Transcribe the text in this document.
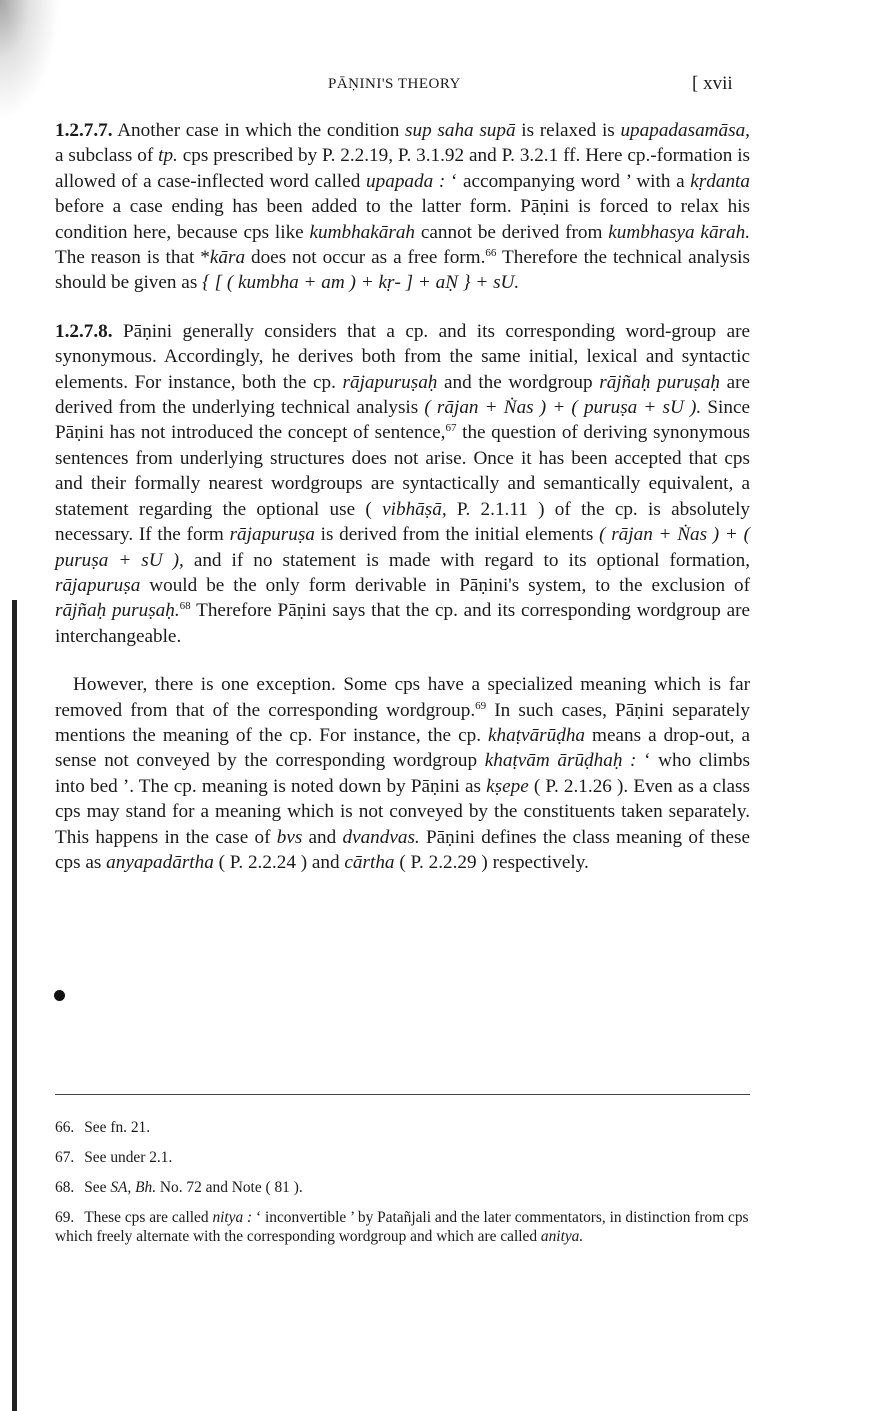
PĀṆINI'S THEORY	[ xvii

1.2.7.7. Another case in which the condition sup saha supā is relaxed is upapadasamāsa, a subclass of tp. cps prescribed by P. 2.2.19, P. 3.1.92 and P. 3.2.1 ff. Here cp.-formation is allowed of a case-inflected word called upapada : ‘ accompanying word ’ with a kṛdanta before a case ending has been added to the latter form. Pāṇini is forced to relax his condition here, because cps like kumbhakārah cannot be derived from kumbhasya kārah. The reason is that *kāra does not occur as a free form.$^{66}$ Therefore the technical analysis should be given as { [ ( kumbha + am ) + kṛ- ] + aṆ } + sU.

1.2.7.8. Pāṇini generally considers that a cp. and its corresponding word-group are synonymous. Accordingly, he derives both from the same initial, lexical and syntactic elements. For instance, both the cp. rājapuruṣaḥ and the wordgroup rājñaḥ puruṣaḥ are derived from the underlying technical analysis ( rājan + Ṅas ) + ( puruṣa + sU ). Since Pāṇini has not introduced the concept of sentence,$^{67}$ the question of deriving synonymous sentences from underlying structures does not arise. Once it has been accepted that cps and their formally nearest wordgroups are syntactically and semantically equivalent, a statement regarding the optional use ( vibhāṣā, P. 2.1.11 ) of the cp. is absolutely necessary. If the form rājapuruṣa is derived from the initial elements ( rājan + Ṅas ) + ( puruṣa + sU ), and if no statement is made with regard to its optional formation, rājapuruṣa would be the only form derivable in Pāṇini's system, to the exclusion of rājñaḥ puruṣaḥ.$^{68}$ Therefore Pāṇini says that the cp. and its corresponding wordgroup are interchangeable.

However, there is one exception. Some cps have a specialized meaning which is far removed from that of the corresponding wordgroup.$^{69}$ In such cases, Pāṇini separately mentions the meaning of the cp. For instance, the cp. khaṭvārūḍha means a drop-out, a sense not conveyed by the corresponding wordgroup khaṭvām ārūḍhaḥ : ‘ who climbs into bed ’. The cp. meaning is noted down by Pāṇini as kṣepe ( P. 2.1.26 ). Even as a class cps may stand for a meaning which is not conveyed by the constituents taken separately. This happens in the case of bvs and dvandvas. Pāṇini defines the class meaning of these cps as anyapadārtha ( P. 2.2.24 ) and cārtha ( P. 2.2.29 ) respectively.

66. See fn. 21.
67. See under 2.1.
68. See SA, Bh. No. 72 and Note ( 81 ).
69. These cps are called nitya : ‘ inconvertible ’ by Patañjali and the later commentators, in distinction from cps which freely alternate with the corresponding wordgroup and which are called anitya.
